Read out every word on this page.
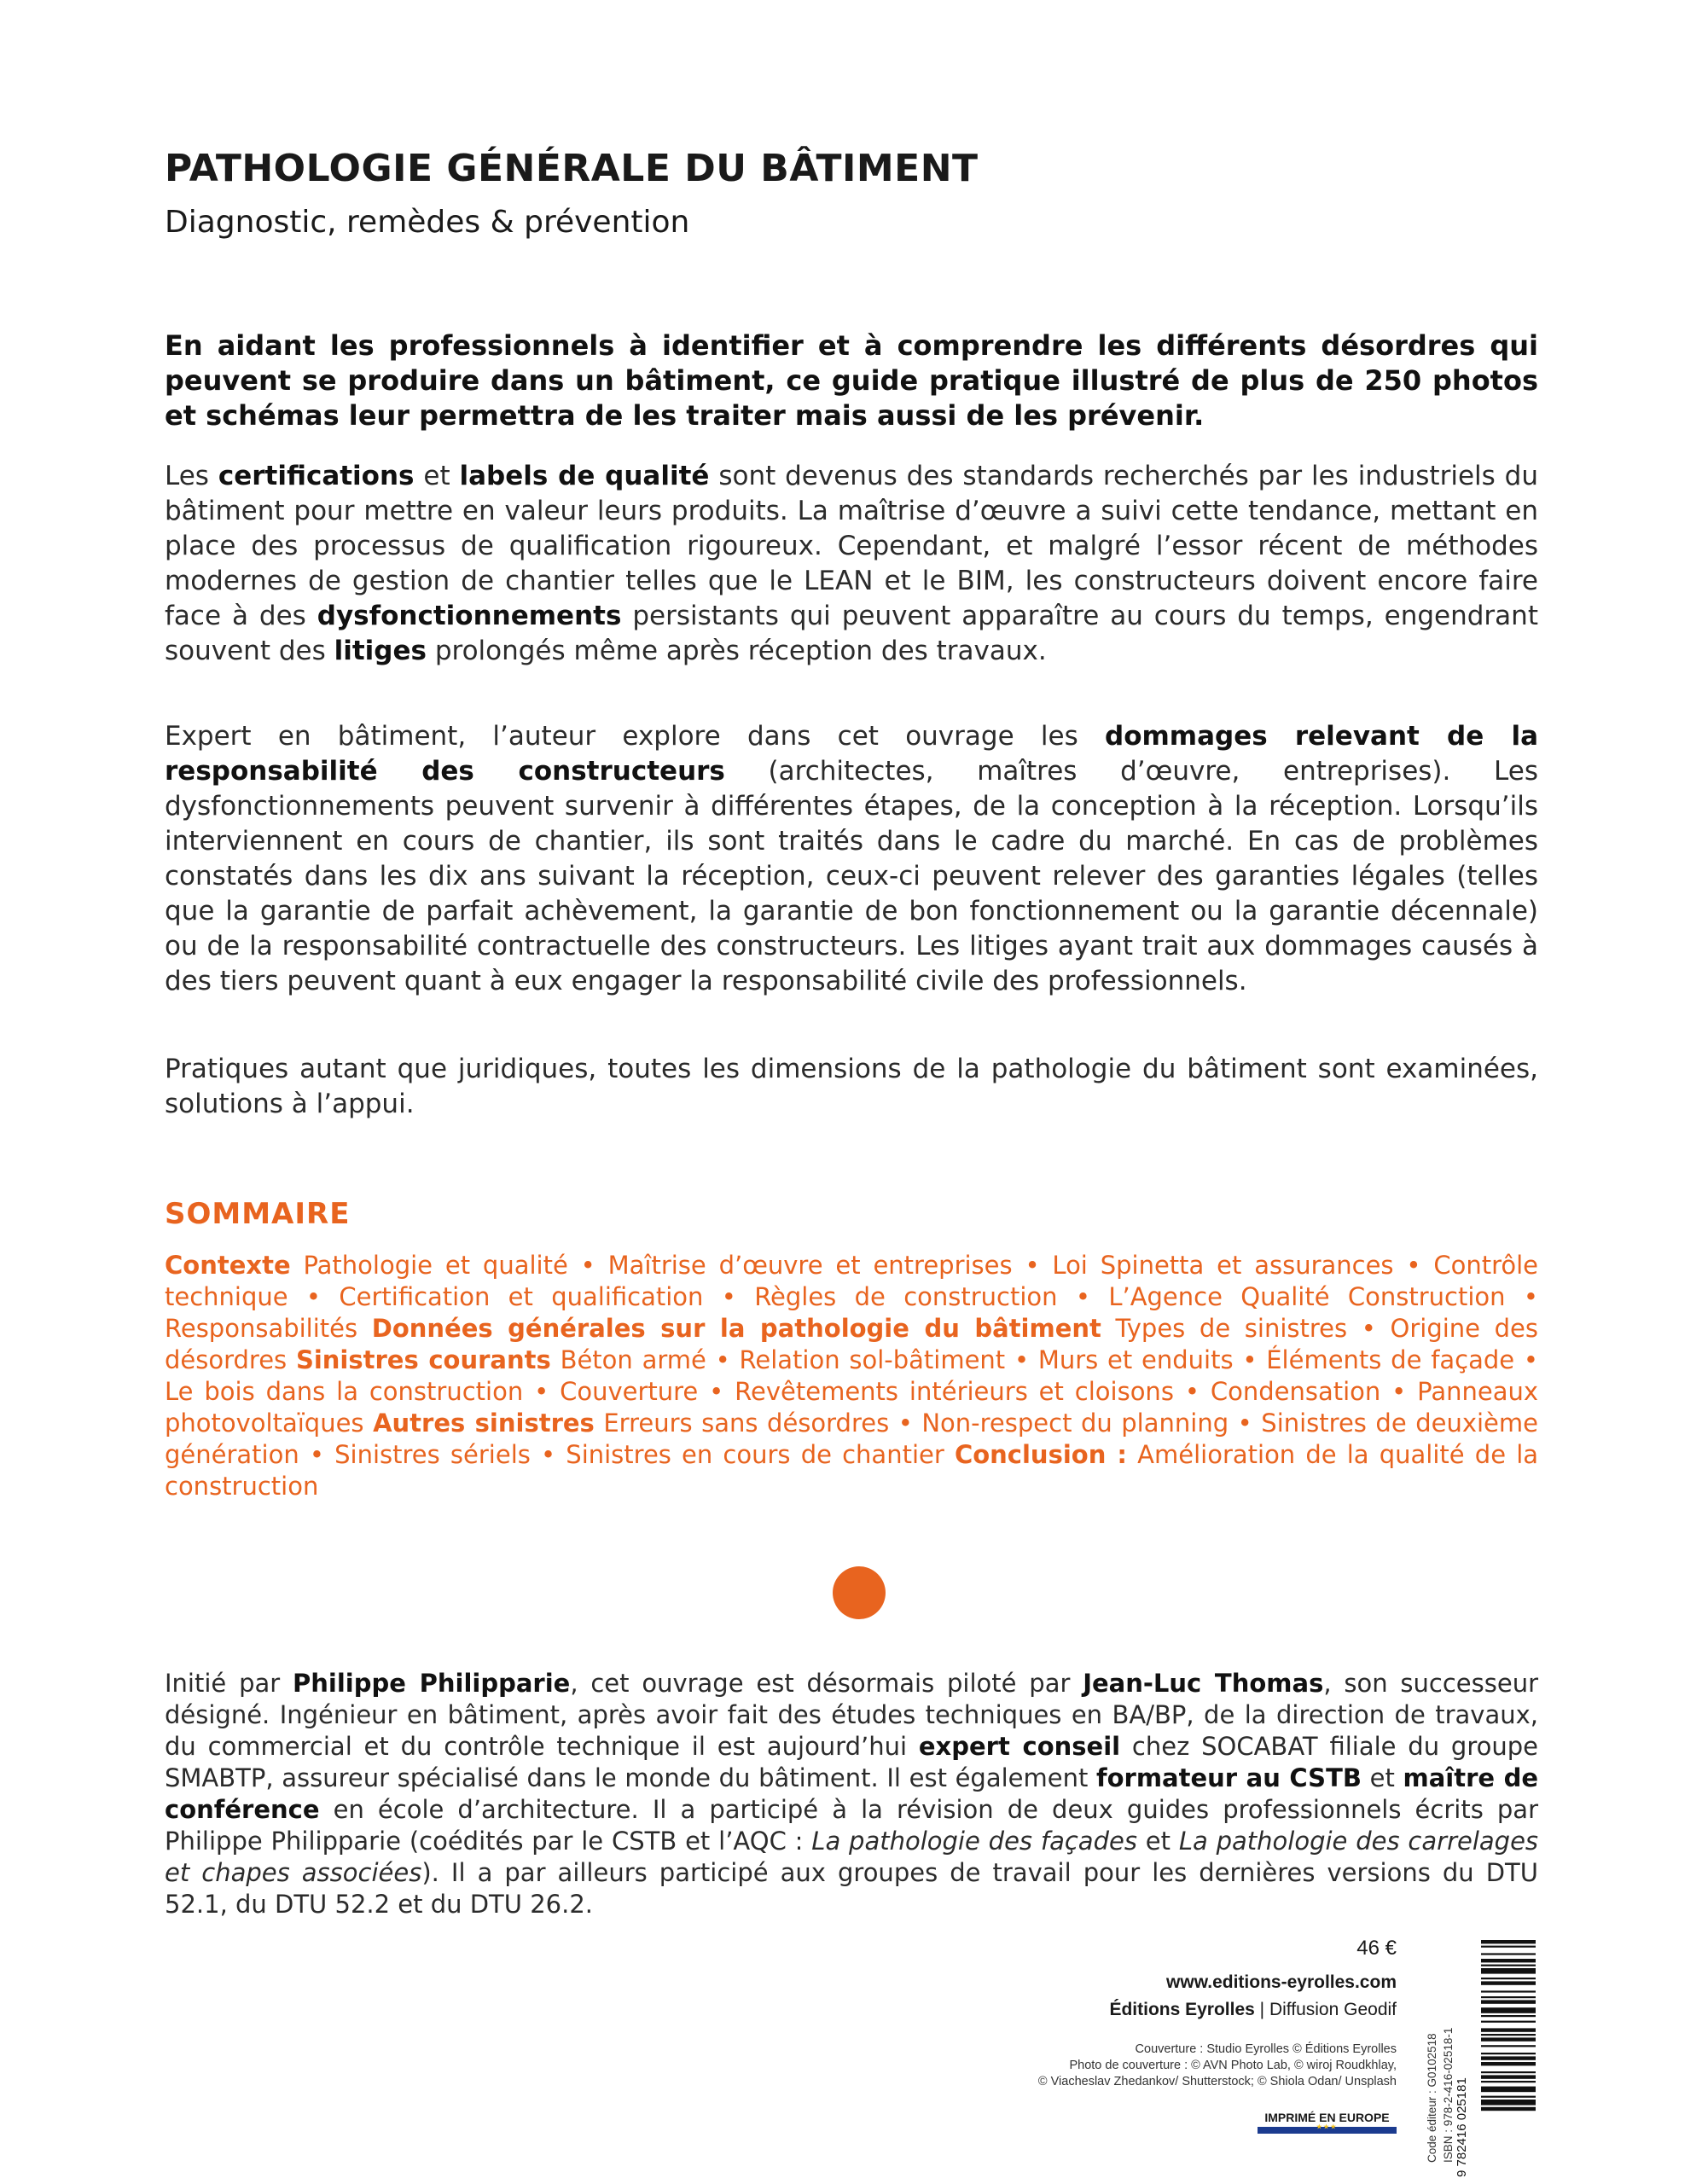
PATHOLOGIE GÉNÉRALE DU BÂTIMENT
Diagnostic, remèdes & prévention
En aidant les professionnels à identifier et à comprendre les différents désordres qui peuvent se produire dans un bâtiment, ce guide pratique illustré de plus de 250 photos et schémas leur permettra de les traiter mais aussi de les prévenir.
Les certifications et labels de qualité sont devenus des standards recherchés par les industriels du bâtiment pour mettre en valeur leurs produits. La maîtrise d’œuvre a suivi cette tendance, mettant en place des processus de qualification rigoureux. Cependant, et malgré l’essor récent de méthodes modernes de gestion de chantier telles que le LEAN et le BIM, les constructeurs doivent encore faire face à des dysfonctionnements persistants qui peuvent apparaître au cours du temps, engendrant souvent des litiges prolongés même après réception des travaux.
Expert en bâtiment, l’auteur explore dans cet ouvrage les dommages relevant de la responsabilité des constructeurs (architectes, maîtres d’œuvre, entreprises). Les dysfonctionnements peuvent survenir à différentes étapes, de la conception à la réception. Lorsqu’ils interviennent en cours de chantier, ils sont traités dans le cadre du marché. En cas de problèmes constatés dans les dix ans suivant la réception, ceux-ci peuvent relever des garanties légales (telles que la garantie de parfait achèvement, la garantie de bon fonctionnement ou la garantie décennale) ou de la responsabilité contractuelle des constructeurs. Les litiges ayant trait aux dommages causés à des tiers peuvent quant à eux engager la responsabilité civile des professionnels.
Pratiques autant que juridiques, toutes les dimensions de la pathologie du bâtiment sont examinées, solutions à l’appui.
SOMMAIRE
Contexte Pathologie et qualité • Maîtrise d’œuvre et entreprises • Loi Spinetta et assurances • Contrôle technique • Certification et qualification • Règles de construction • L’Agence Qualité Construction • Responsabilités Données générales sur la pathologie du bâtiment Types de sinistres • Origine des désordres Sinistres courants Béton armé • Relation sol-bâtiment • Murs et enduits • Éléments de façade • Le bois dans la construction • Couverture • Revêtements intérieurs et cloisons • Condensation • Panneaux photovoltaïques Autres sinistres Erreurs sans désordres • Non-respect du planning • Sinistres de deuxième génération • Sinistres sériels • Sinistres en cours de chantier Conclusion : Amélioration de la qualité de la construction
Initié par Philippe Philipparie, cet ouvrage est désormais piloté par Jean-Luc Thomas, son successeur désigné. Ingénieur en bâtiment, après avoir fait des études techniques en BA/BP, de la direction de travaux, du commercial et du contrôle technique il est aujourd’hui expert conseil chez SOCABAT filiale du groupe SMABTP, assureur spécialisé dans le monde du bâtiment. Il est également formateur au CSTB et maître de conférence en école d’architecture. Il a participé à la révision de deux guides professionnels écrits par Philippe Philipparie (coédités par le CSTB et l’AQC : La pathologie des façades et La pathologie des carrelages et chapes associées). Il a par ailleurs participé aux groupes de travail pour les dernières versions du DTU 52.1, du DTU 52.2 et du DTU 26.2.
46 €
www.editions-eyrolles.com
Éditions Eyrolles | Diffusion Geodif
Couverture : Studio Eyrolles © Éditions Eyrolles
Photo de couverture : © AVN Photo Lab, © wiroj Roudkhlay,
© Viacheslav Zhedankov/ Shutterstock; © Shiola Odan/ Unsplash
IMPRIMÉ EN EUROPE
★★★	Code éditeur : G0102518 ISBN : 978-2-416-02518-1 9 782416 025181
